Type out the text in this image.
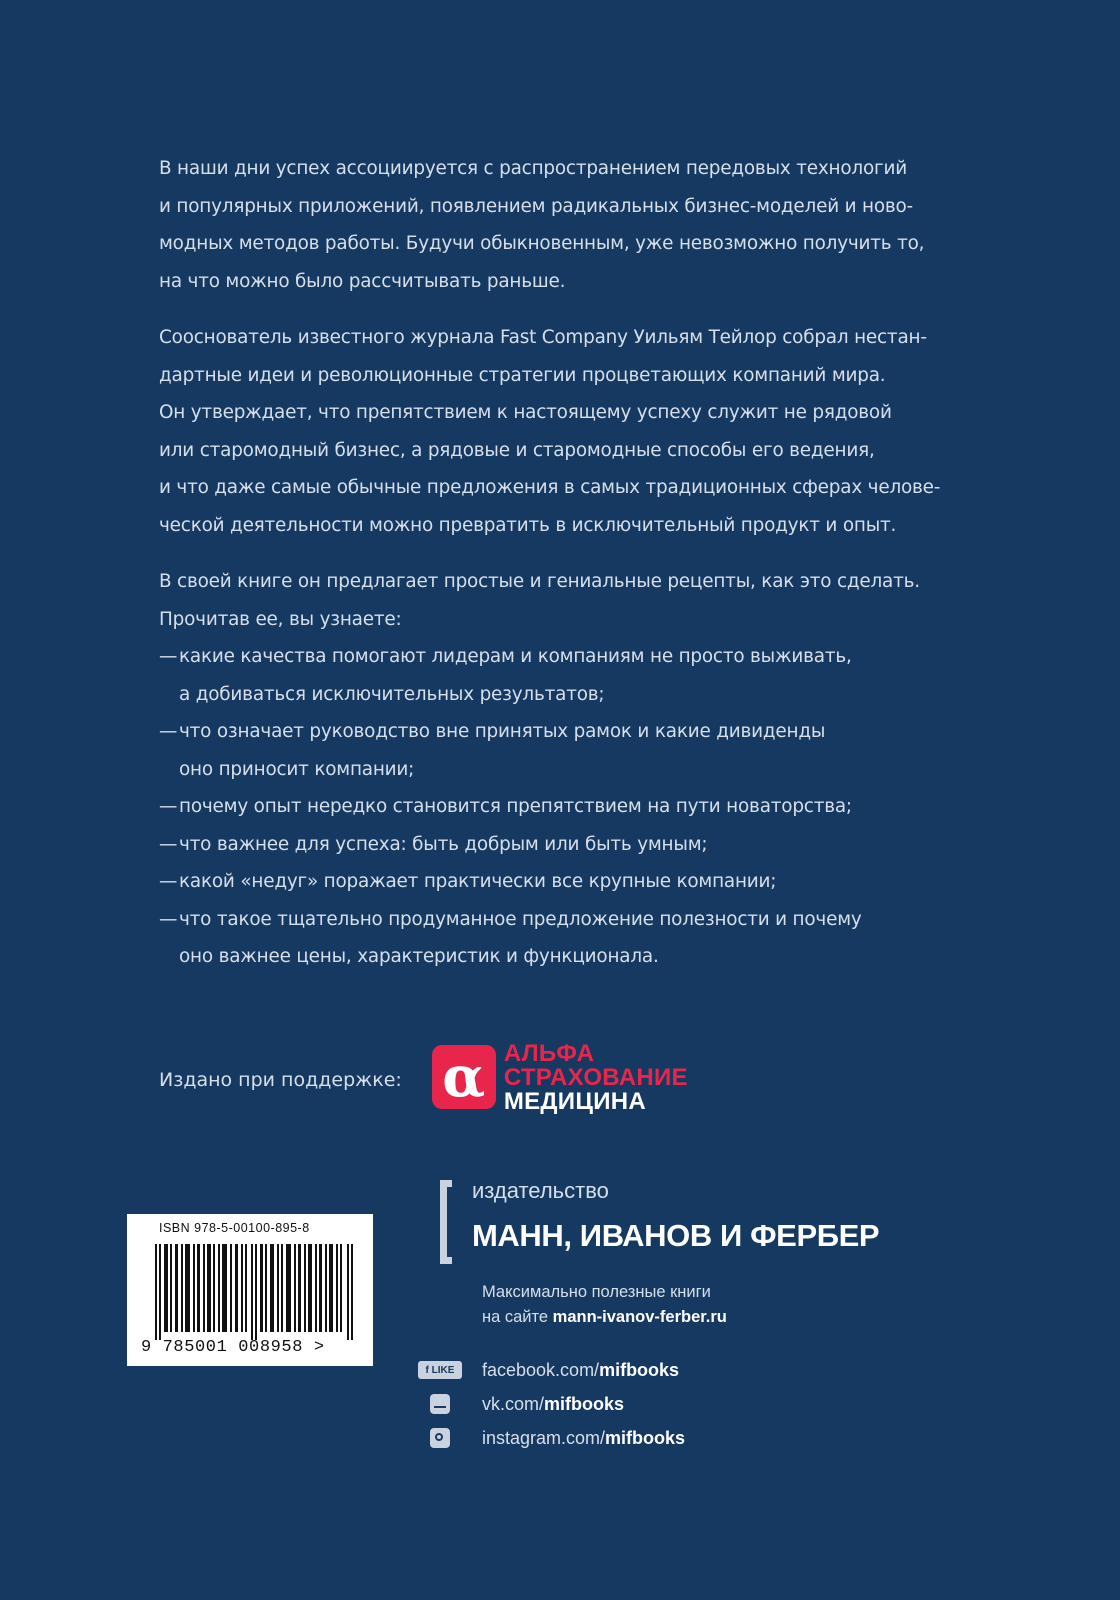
В наши дни успех ассоциируется с распространением передовых технологий
и популярных приложений, появлением радикальных бизнес-моделей и ново-
модных методов работы. Будучи обыкновенным, уже невозможно получить то,
на что можно было рассчитывать раньше.

Сооснователь известного журнала Fast Company Уильям Тейлор собрал нестан-
дартные идеи и революционные стратегии процветающих компаний мира.
Он утверждает, что препятствием к настоящему успеху служит не рядовой
или старомодный бизнес, а рядовые и старомодные способы его ведения,
и что даже самые обычные предложения в самых традиционных сферах челове-
ческой деятельности можно превратить в исключительный продукт и опыт.

В своей книге он предлагает простые и гениальные рецепты, как это сделать.
Прочитав ее, вы узнаете:

— какие качества помогают лидерам и компаниям не просто выживать,
а добиваться исключительных результатов;
— что означает руководство вне принятых рамок и какие дивиденды
оно приносит компании;
— почему опыт нередко становится препятствием на пути новаторства;
— что важнее для успеха: быть добрым или быть умным;
— какой «недуг» поражает практически все крупные компании;
— что такое тщательно продуманное предложение полезности и почему
оно важнее цены, характеристик и функционала.
Издано при поддержке: α АЛЬФА
СТРАХОВАНИЕ
МЕДИЦИНА
ISBN 978-5-00100-895-8
9 785001 008958 >
издательство
МАНН, ИВАНОВ И ФЕРБЕР
Максимально полезные книги
на сайте mann-ivanov-ferber.ru
f LIKE	facebook.com/mifbooks
vk.com/mifbooks
instagram.com/mifbooks
